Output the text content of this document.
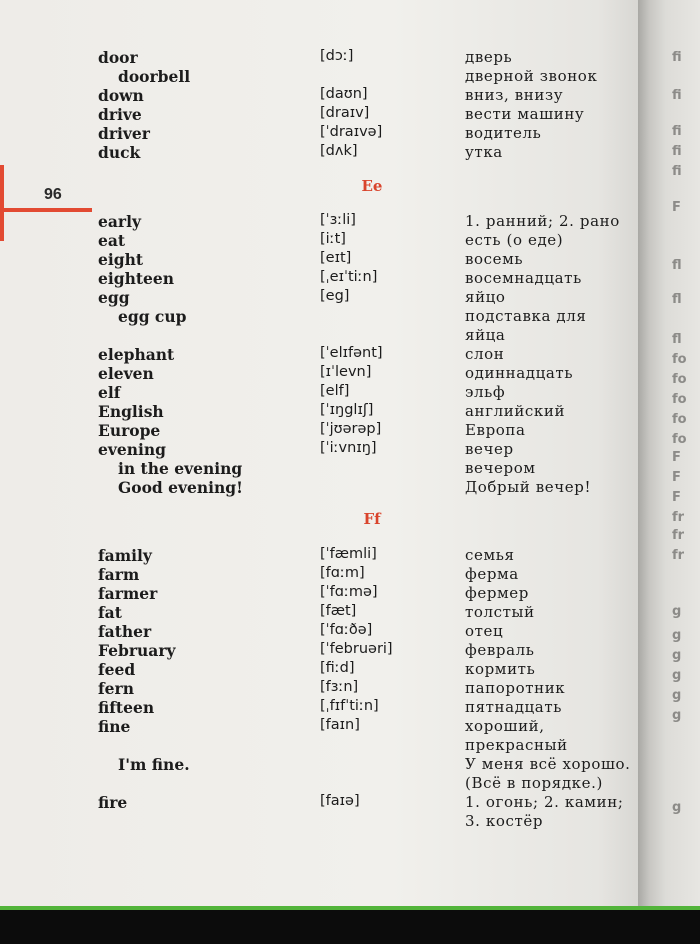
96
door	[dɔː]	дверь
doorbell	дверной звонок
down	[daʊn]	вниз, внизу
drive	[draɪv]	вести машину
driver	[ˈdraɪvə]	водитель
duck	[dʌk]	утка
Ee
early	[ˈɜːli]	1. ранний; 2. рано
eat	[iːt]	есть (о еде)
eight	[eɪt]	восемь
eighteen	[ˌeɪˈtiːn]	восемнадцать
egg	[eg]	яйцо
egg cup	подставка для
яйца
elephant	[ˈelɪfənt]	слон
eleven	[ɪˈlevn]	одиннадцать
elf	[elf]	эльф
English	[ˈɪŋglɪʃ]	английский
Europe	[ˈjʊərəp]	Европа
evening	[ˈiːvnɪŋ]	вечер
in the evening	вечером
Good evening!	Добрый вечер!
Ff
family	[ˈfæmli]	семья
farm	[fɑːm]	ферма
farmer	[ˈfɑːmə]	фермер
fat	[fæt]	толстый
father	[ˈfɑːðə]	отец
February	[ˈfebruəri]	февраль
feed	[fiːd]	кормить
fern	[fɜːn]	папоротник
fifteen	[ˌfɪfˈtiːn]	пятнадцать
fine	[faɪn]	хороший,
прекрасный
I'm fine.	У меня всё хорошо.
(Всё в порядке.)
fire	[faɪə]	1. огонь; 2. камин;
3. костёр
fi
fi
fi
fi
fi
F
fl
fl
fl
fo
fo
fo
fo
fo
F
F
F
fr
fr
fr
g
g
g
g
g
g
g
